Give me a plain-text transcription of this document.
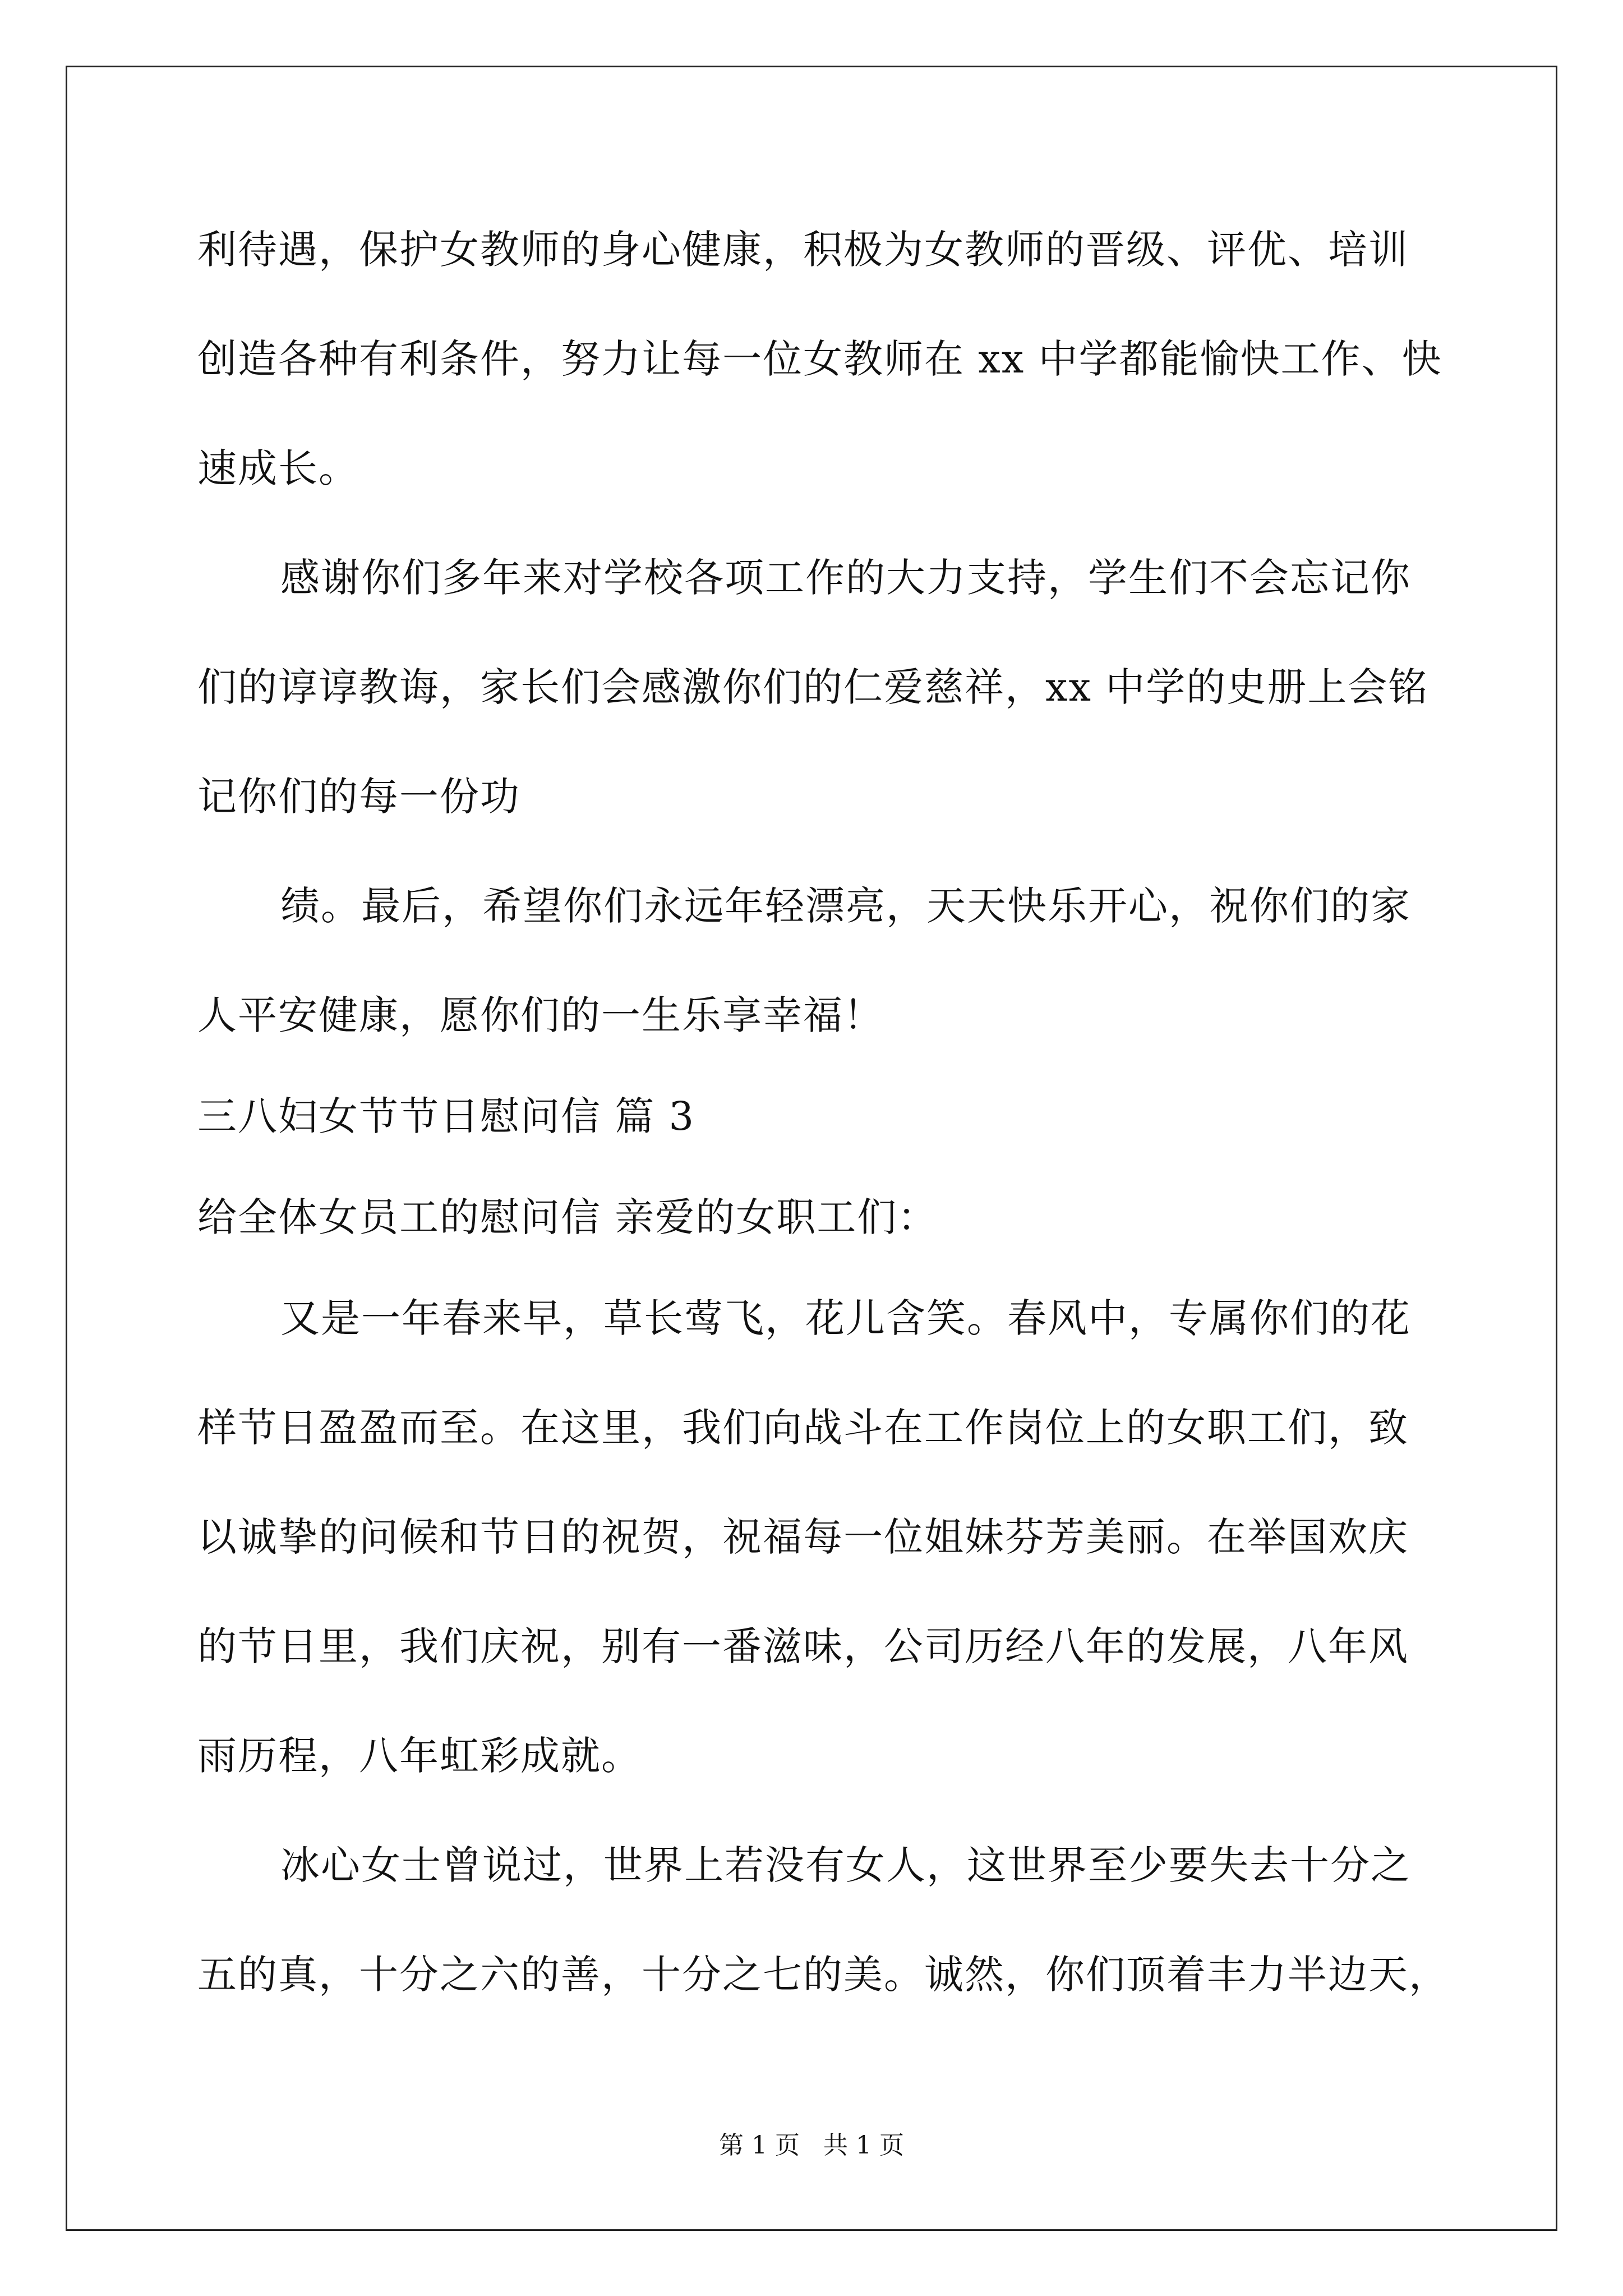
利待遇，保护女教师的身心健康，积极为女教师的晋级、评优、培训
创造各种有利条件，努力让每一位女教师在 xx 中学都能愉快工作、快
速成长。
感谢你们多年来对学校各项工作的大力支持，学生们不会忘记你
们的谆谆教诲，家长们会感激你们的仁爱慈祥，xx 中学的史册上会铭
记你们的每一份功
绩。最后，希望你们永远年轻漂亮，天天快乐开心，祝你们的家
人平安健康，愿你们的一生乐享幸福！
三八妇女节节日慰问信 篇 3
给全体女员工的慰问信 亲爱的女职工们：
又是一年春来早，草长莺飞，花儿含笑。春风中，专属你们的花
样节日盈盈而至。在这里，我们向战斗在工作岗位上的女职工们，致
以诚挚的问候和节日的祝贺，祝福每一位姐妹芬芳美丽。在举国欢庆
的节日里，我们庆祝，别有一番滋味，公司历经八年的发展，八年风
雨历程，八年虹彩成就。
冰心女士曾说过，世界上若没有女人，这世界至少要失去十分之
五的真，十分之六的善，十分之七的美。诚然，你们顶着丰力半边天，
第 1 页   共 1 页
